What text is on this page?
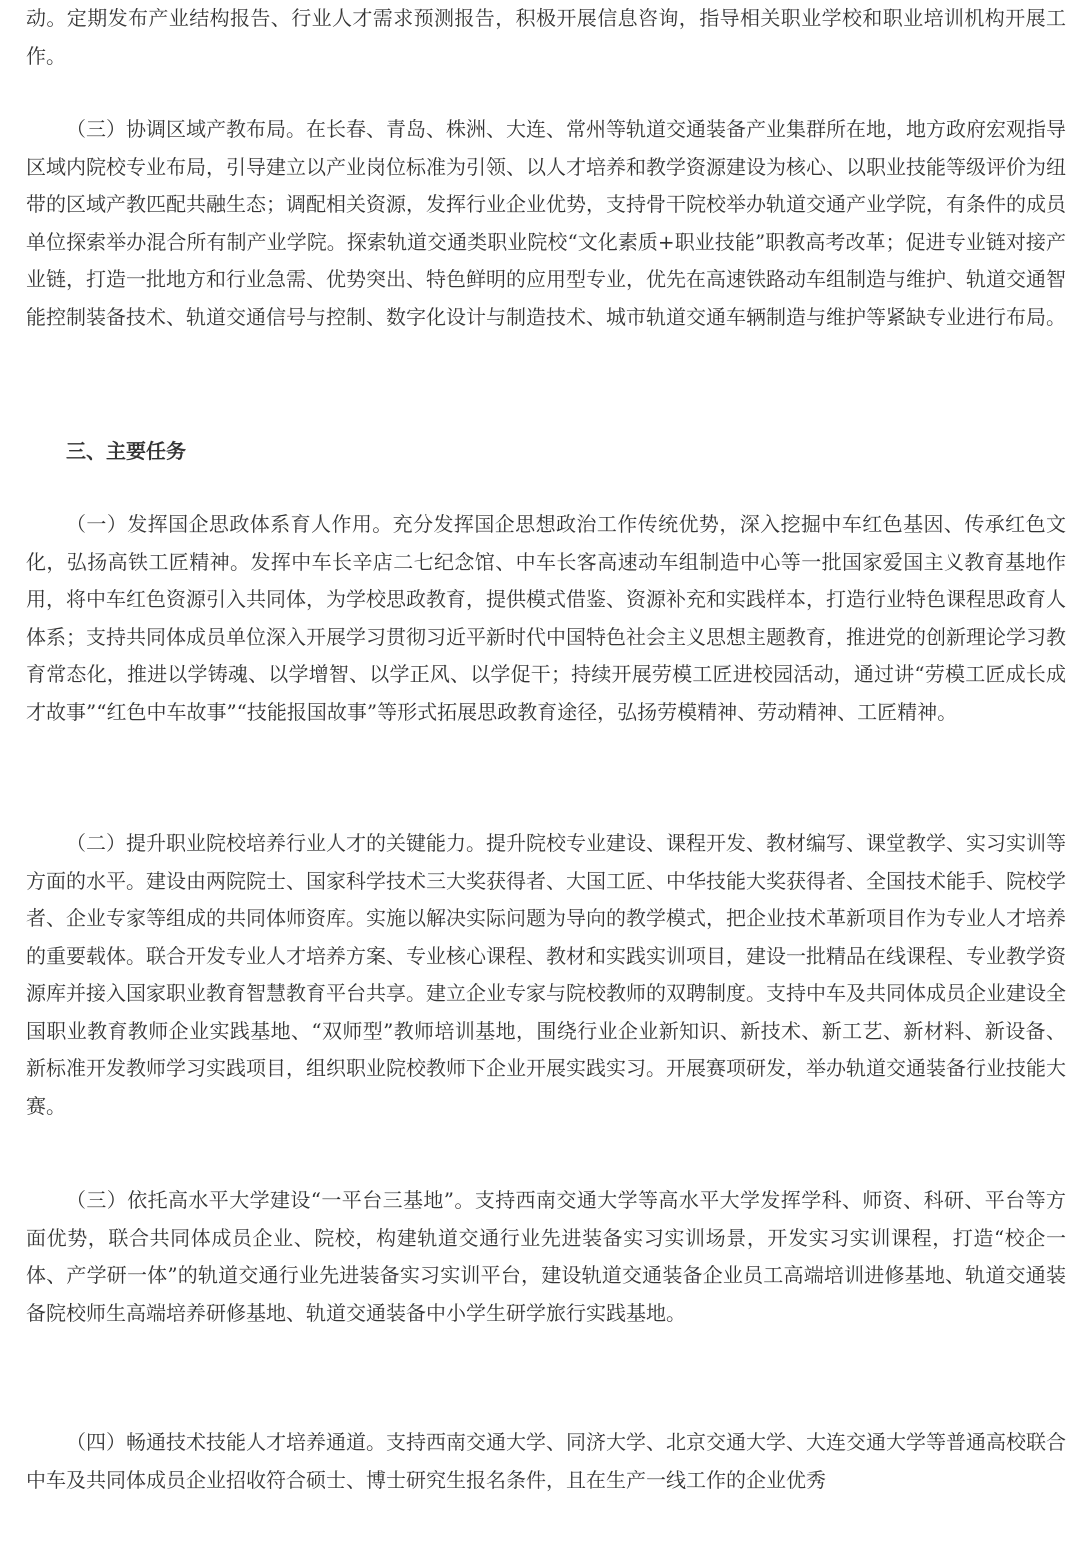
动。定期发布产业结构报告、行业人才需求预测报告，积极开展信息咨询，指导相关职业学校和职业培训机构开展工作。

（三）协调区域产教布局。在长春、青岛、株洲、大连、常州等轨道交通装备产业集群所在地，地方政府宏观指导区域内院校专业布局，引导建立以产业岗位标准为引领、以人才培养和教学资源建设为核心、以职业技能等级评价为纽带的区域产教匹配共融生态；调配相关资源，发挥行业企业优势，支持骨干院校举办轨道交通产业学院，有条件的成员单位探索举办混合所有制产业学院。探索轨道交通类职业院校“文化素质+职业技能”职教高考改革；促进专业链对接产业链，打造一批地方和行业急需、优势突出、特色鲜明的应用型专业，优先在高速铁路动车组制造与维护、轨道交通智能控制装备技术、轨道交通信号与控制、数字化设计与制造技术、城市轨道交通车辆制造与维护等紧缺专业进行布局。

三、主要任务

（一）发挥国企思政体系育人作用。充分发挥国企思想政治工作传统优势，深入挖掘中车红色基因、传承红色文化，弘扬高铁工匠精神。发挥中车长辛店二七纪念馆、中车长客高速动车组制造中心等一批国家爱国主义教育基地作用，将中车红色资源引入共同体，为学校思政教育，提供模式借鉴、资源补充和实践样本，打造行业特色课程思政育人体系；支持共同体成员单位深入开展学习贯彻习近平新时代中国特色社会主义思想主题教育，推进党的创新理论学习教育常态化，推进以学铸魂、以学增智、以学正风、以学促干；持续开展劳模工匠进校园活动，通过讲“劳模工匠成长成才故事”“红色中车故事”“技能报国故事”等形式拓展思政教育途径，弘扬劳模精神、劳动精神、工匠精神。

（二）提升职业院校培养行业人才的关键能力。提升院校专业建设、课程开发、教材编写、课堂教学、实习实训等方面的水平。建设由两院院士、国家科学技术三大奖获得者、大国工匠、中华技能大奖获得者、全国技术能手、院校学者、企业专家等组成的共同体师资库。实施以解决实际问题为导向的教学模式，把企业技术革新项目作为专业人才培养的重要载体。联合开发专业人才培养方案、专业核心课程、教材和实践实训项目，建设一批精品在线课程、专业教学资源库并接入国家职业教育智慧教育平台共享。建立企业专家与院校教师的双聘制度。支持中车及共同体成员企业建设全国职业教育教师企业实践基地、“双师型”教师培训基地，围绕行业企业新知识、新技术、新工艺、新材料、新设备、新标准开发教师学习实践项目，组织职业院校教师下企业开展实践实习。开展赛项研发，举办轨道交通装备行业技能大赛。

（三）依托高水平大学建设“一平台三基地”。支持西南交通大学等高水平大学发挥学科、师资、科研、平台等方面优势，联合共同体成员企业、院校，构建轨道交通行业先进装备实习实训场景，开发实习实训课程，打造“校企一体、产学研一体”的轨道交通行业先进装备实习实训平台，建设轨道交通装备企业员工高端培训进修基地、轨道交通装备院校师生高端培养研修基地、轨道交通装备中小学生研学旅行实践基地。

（四）畅通技术技能人才培养通道。支持西南交通大学、同济大学、北京交通大学、大连交通大学等普通高校联合中车及共同体成员企业招收符合硕士、博士研究生报名条件，且在生产一线工作的企业优秀
